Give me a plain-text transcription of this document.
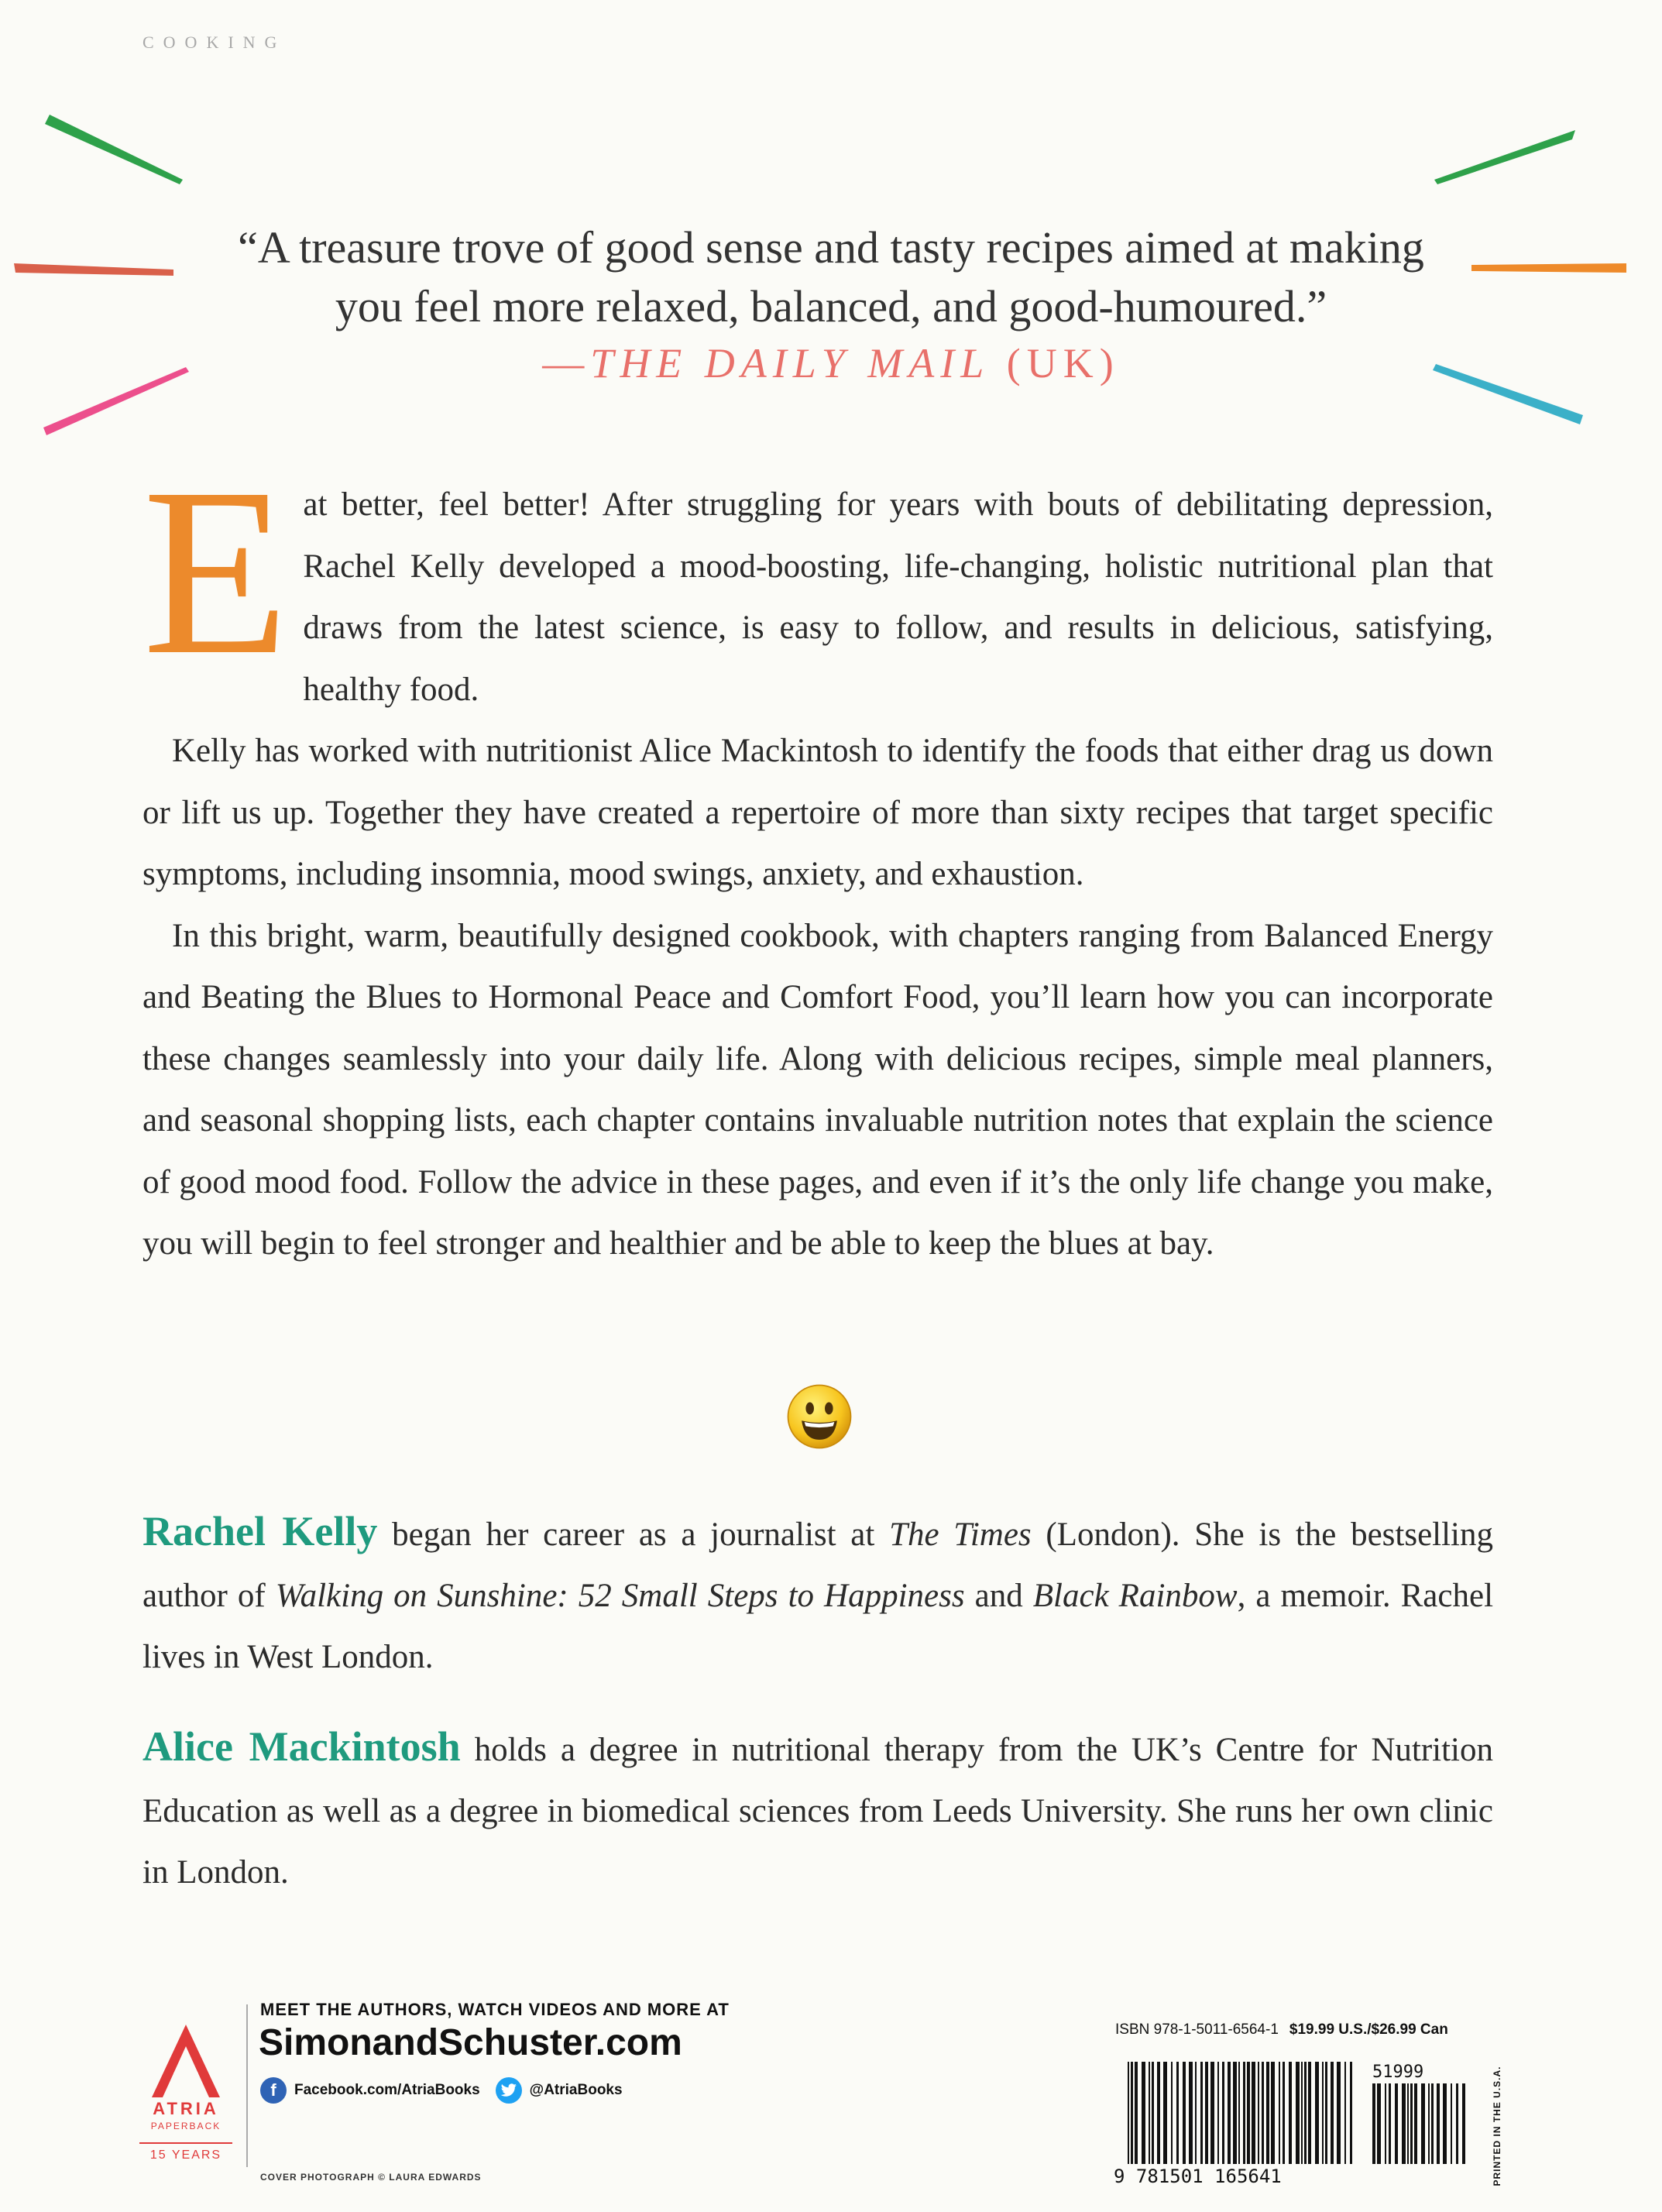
COOKING
“A treasure trove of good sense and tasty recipes aimed at making
you feel more relaxed, balanced, and good-humoured.”
—THE DAILY MAIL (UK)

Eat better, feel better! After struggling for years with bouts of debilitating depression, Rachel Kelly developed a mood-boosting, life-changing, holistic nutritional plan that draws from the latest science, is easy to follow, and results in delicious, satisfying, healthy food.

Kelly has worked with nutritionist Alice Mackintosh to identify the foods that either drag us down or lift us up. Together they have created a repertoire of more than sixty recipes that target specific symptoms, including insomnia, mood swings, anxiety, and exhaustion.

In this bright, warm, beautifully designed cookbook, with chapters ranging from Balanced Energy and Beating the Blues to Hormonal Peace and Comfort Food, you’ll learn how you can incorporate these changes seamlessly into your daily life. Along with delicious recipes, simple meal planners, and seasonal shopping lists, each chapter contains invaluable nutrition notes that explain the science of good mood food. Follow the advice in these pages, and even if it’s the only life change you make, you will begin to feel stronger and healthier and be able to keep the blues at bay.

Rachel Kelly began her career as a journalist at The Times (London). She is the bestselling author of Walking on Sunshine: 52 Small Steps to Happiness and Black Rainbow, a memoir. Rachel lives in West London.
Alice Mackintosh holds a degree in nutritional therapy from the UK’s Centre for Nutrition Education as well as a degree in biomedical sciences from Leeds University. She runs her own clinic in London.
ATRIA
PAPERBACK
15 YEARS
MEET THE AUTHORS, WATCH VIDEOS AND MORE AT
SimonandSchuster.com
f	Facebook.com/AtriaBooks	@AtriaBooks
COVER PHOTOGRAPH © LAURA EDWARDS
ISBN 978-1-5011-6564-1 $19.99 U.S./$26.99 Can
9 781501 165641
51999	PRINTED IN THE U.S.A.
